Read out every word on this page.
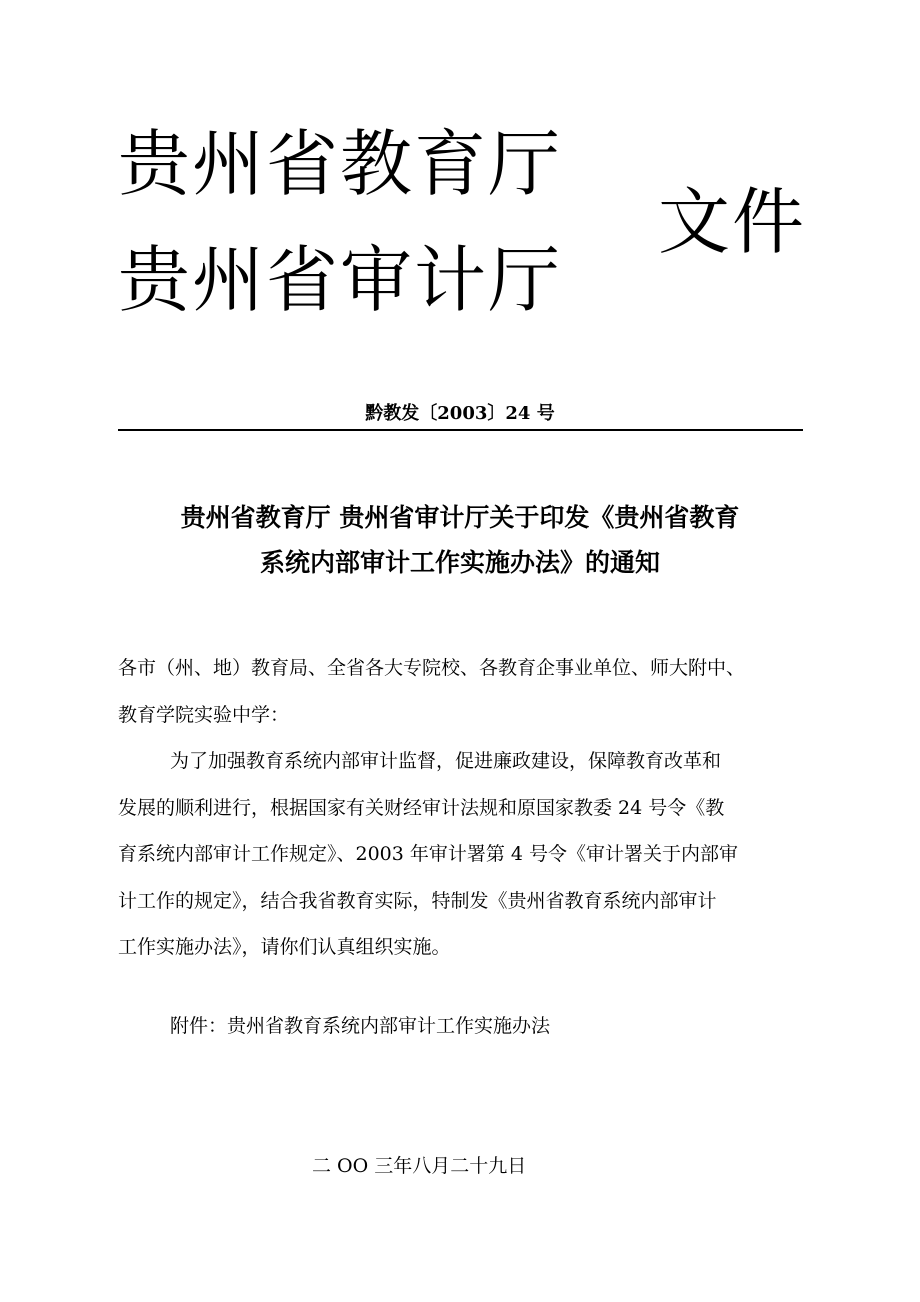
贵州省教育厅
贵州省审计厅
文件
黔教发〔2003〕24 号
贵州省教育厅 贵州省审计厅关于印发《贵州省教育
系统内部审计工作实施办法》的通知
各市（州、地）教育局、全省各大专院校、各教育企事业单位、师大附中、
教育学院实验中学：
为了加强教育系统内部审计监督，促进廉政建设，保障教育改革和
发展的顺利进行，根据国家有关财经审计法规和原国家教委 24 号令《教
育系统内部审计工作规定》、2003 年审计署第 4 号令《审计署关于内部审
计工作的规定》，结合我省教育实际，特制发《贵州省教育系统内部审计
工作实施办法》，请你们认真组织实施。
附件：贵州省教育系统内部审计工作实施办法
二 OO 三年八月二十九日
